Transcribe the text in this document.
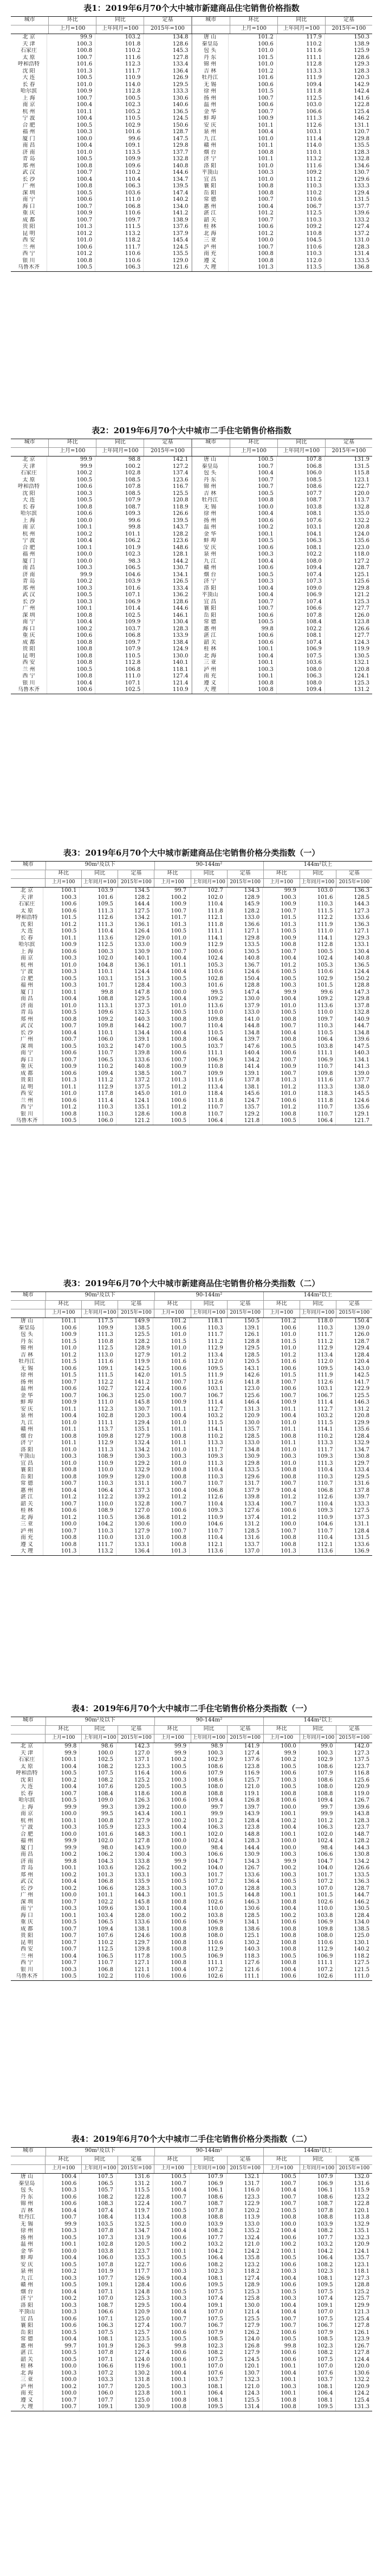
表1：2019年6月70个大中城市新建商品住宅销售价格指数
城市	环比	同比	定基	城市	环比	同比	定基
上月=100	上年同月=100	2015年=100	上月=100	上年同月=100	2015年=100
北 京	99.9	103.2	134.8	唐 山	101.2	117.9	150.3
天 津	100.3	101.8	128.6	秦皇岛	100.6	110.2	138.9
石家庄	100.8	110.2	145.3	包 头	101.0	111.6	125.9
太 原	100.7	111.6	127.8	丹 东	101.5	111.1	128.6
呼和浩特	101.6	112.3	133.4	锦 州	101.0	112.8	129.3
沈 阳	101.3	111.7	136.4	吉 林	101.2	113.3	128.3
大 连	100.5	110.9	126.9	牡丹江	101.6	111.9	120.3
长 春	101.0	114.0	129.5	无 锡	100.6	109.4	142.9
哈尔滨	100.9	112.8	133.3	徐 州	101.5	111.8	142.4
上 海	100.7	100.5	130.6	扬 州	100.7	112.5	141.6
南 京	100.4	102.3	140.6	温 州	100.6	103.0	122.8
杭 州	101.1	105.2	136.5	金 华	100.7	106.6	125.4
宁 波	100.4	110.5	124.5	蚌 埠	100.9	111.3	146.2
合 肥	100.5	102.9	150.6	安 庆	101.1	112.6	131.1
福 州	100.3	101.6	128.7	泉 州	100.4	103.1	120.7
厦 门	100.0	99.6	147.5	九 江	101.0	111.4	129.8
南 昌	100.4	109.1	129.8	赣 州	101.1	114.0	135.5
济 南	101.0	113.5	137.7	烟 台	100.8	110.1	128.3
青 岛	100.5	109.9	132.8	济 宁	101.1	113.2	132.8
郑 州	100.8	109.6	140.8	洛 阳	101.0	111.6	134.6
武 汉	100.7	110.2	144.6	平顶山	100.3	109.2	130.7
长 沙	100.4	110.4	134.7	宜 昌	101.0	111.2	129.6
广 州	100.8	106.3	139.5	襄 阳	100.8	110.3	133.3
深 圳	100.5	103.6	147.4	岳 阳	100.8	110.2	129.4
南 宁	100.6	111.0	140.2	常 德	100.7	110.6	131.5
海 口	100.7	106.8	134.0	惠 州	100.4	106.7	137.7
重 庆	100.9	110.6	141.2	湛 江	101.2	112.5	139.6
成 都	100.7	109.7	138.9	韶 关	100.7	110.3	133.2
贵 阳	101.3	111.5	137.6	桂 林	100.6	109.2	127.4
昆 明	101.2	113.2	137.9	北 海	101.2	110.8	137.2
西 安	101.0	118.2	145.4	三 亚	100.0	104.5	131.0
兰 州	100.6	111.7	124.5	泸 州	100.7	110.6	128.3
西 宁	101.2	110.6	135.5	南 充	100.8	110.3	131.4
银 川	100.8	110.6	129.0	遵 义	100.8	112.0	133.5
乌鲁木齐	100.5	106.3	121.6	大 理	101.3	113.5	136.8
表2：2019年6月70个大中城市二手住宅销售价格指数
城市	环比	同比	定基	城市	环比	同比	定基
上月=100	上年同月=100	2015年=100	上月=100	上年同月=100	2015年=100
北 京	99.9	98.8	142.1	唐 山	100.5	107.8	131.9
天 津	99.9	100.2	127.2	秦皇岛	100.7	106.8	131.5
石家庄	100.2	102.8	137.4	包 头	100.4	106.0	115.8
太 原	100.5	108.5	123.6	丹 东	100.7	108.5	123.1
呼和浩特	100.6	107.8	116.7	锦 州	100.7	108.6	122.7
沈 阳	100.3	108.5	125.5	吉 林	100.5	107.7	120.0
大 连	100.5	107.9	120.8	牡丹江	100.8	108.7	113.7
长 春	100.8	108.7	118.9	无 锡	100.0	103.8	132.8
哈尔滨	100.6	109.3	126.6	徐 州	100.4	108.1	135.0
上 海	100.0	99.6	139.5	扬 州	100.6	107.6	132.2
南 京	100.1	99.8	143.7	温 州	100.2	103.1	120.8
杭 州	100.2	101.1	128.2	金 华	100.1	104.1	124.0
宁 波	100.4	106.2	123.6	蚌 埠	100.5	106.3	135.6
合 肥	100.1	101.9	148.6	安 庆	100.6	108.1	123.0
福 州	100.0	102.3	128.1	泉 州	100.3	102.2	118.0
厦 门	100.0	98.3	144.2	九 江	100.4	108.0	127.2
南 昌	100.3	106.5	130.7	赣 州	100.6	109.4	128.7
济 南	99.9	104.6	134.1	烟 台	100.5	107.4	125.1
青 岛	100.2	103.9	126.5	济 宁	100.3	107.3	125.6
郑 州	100.3	101.6	133.4	洛 阳	100.4	109.0	129.8
武 汉	100.5	107.1	136.2	平顶山	100.4	106.9	121.2
长 沙	100.3	106.9	128.6	宜 昌	100.7	107.4	125.3
广 州	100.1	101.4	144.6	襄 阳	100.7	106.6	127.7
深 圳	100.8	102.5	146.1	岳 阳	100.6	107.8	126.0
南 宁	100.4	109.9	130.4	常 德	100.5	108.4	123.8
海 口	100.2	103.7	128.3	惠 州	99.8	102.2	126.6
重 庆	100.6	106.8	133.9	湛 江	100.6	108.1	127.7
成 都	100.8	109.7	138.4	韶 关	100.6	107.4	124.3
贵 阳	100.8	107.9	124.9	桂 林	100.1	106.9	119.9
昆 明	100.8	110.5	130.0	北 海	100.4	107.5	130.5
西 安	100.8	112.8	140.1	三 亚	100.1	103.6	132.1
兰 州	100.5	106.8	118.1	泸 州	100.3	108.0	120.8
西 宁	100.8	111.0	127.4	南 充	100.1	106.3	124.1
银 川	100.4	107.1	121.4	遵 义	100.8	108.0	125.3
乌鲁木齐	100.6	102.5	110.9	大 理	100.8	109.4	131.2
表3：2019年6月70个大中城市新建商品住宅销售价格分类指数（一）
城市	90m²及以下	90-144m²	144m²以上
环比	同比	定基	环比	同比	定基	环比	同比	定基
上月=100	上年同月=100 2015年=100	上月=100	上年同月=100 2015年=100	上月=100	上年同月=100 2015年=100
北 京	100.1	103.9	134.5	99.7	102.7	134.3	99.9	103.0	136.3
天 津	100.3	101.6	128.2	100.2	102.0	128.9	100.3	101.6	128.5
石家庄	100.6	109.5	144.4	100.9	110.4	145.9	100.9	110.3	144.3
太 原	100.6	111.3	127.5	100.7	111.8	128.2	100.7	111.5	127.3
呼和浩特	101.5	112.6	134.2	101.7	112.1	133.0	101.5	112.2	133.6
沈 阳	101.2	111.3	136.1	101.3	111.8	136.6	101.3	111.9	136.3
大 连	100.5	110.4	126.4	100.5	111.1	127.1	100.5	111.0	127.1
长 春	101.1	113.6	129.0	101.0	114.1	129.8	100.9	114.1	129.3
哈尔滨	100.9	112.5	133.0	100.9	112.9	133.5	100.8	112.8	133.1
上 海	100.6	100.3	130.9	100.7	100.6	130.5	100.7	100.5	130.4
南 京	100.3	102.0	140.1	100.4	102.4	140.8	100.4	102.4	140.8
杭 州	101.0	104.8	136.1	101.1	105.3	136.7	101.2	105.3	136.5
宁 波	100.3	110.1	124.4	100.4	110.6	124.6	100.5	110.6	124.4
合 肥	100.5	103.1	151.3	100.5	102.8	150.4	100.5	102.9	150.2
福 州	100.3	101.7	128.4	100.3	101.6	128.8	100.3	101.5	128.8
厦 门	100.1	99.8	147.8	100.0	99.5	147.4	99.9	99.6	147.3
南 昌	100.4	108.8	129.5	100.4	109.2	130.0	100.4	109.2	129.8
济 南	101.0	113.1	137.3	101.0	113.6	137.9	101.0	113.6	137.8
青 岛	100.5	109.6	132.5	100.5	110.0	133.0	100.5	110.0	132.8
郑 州	100.8	109.2	140.3	100.8	109.8	141.0	100.8	109.7	140.9
武 汉	100.7	109.8	144.2	100.7	110.4	144.8	100.7	110.3	144.7
长 沙	100.4	110.1	134.4	100.4	110.5	134.8	100.4	110.5	134.8
广 州	100.7	106.0	139.1	100.8	106.4	139.7	100.8	106.4	139.6
深 圳	100.5	103.2	147.0	100.5	103.7	147.6	100.5	103.8	147.5
南 宁	100.6	110.7	139.8	100.6	111.1	140.4	100.6	111.1	140.3
海 口	100.7	106.5	133.6	100.7	106.9	134.2	100.7	106.9	134.1
重 庆	100.9	110.2	140.8	100.9	110.8	141.4	100.9	110.7	141.3
成 都	100.6	109.4	138.5	100.7	109.9	139.1	100.7	109.8	139.0
贵 阳	101.3	111.2	137.2	101.3	111.6	137.8	101.3	111.6	137.7
昆 明	101.1	112.9	137.5	101.2	113.4	138.1	101.2	113.3	138.0
西 安	101.0	117.8	145.0	101.0	118.4	145.6	101.0	118.3	145.5
兰 州	100.6	111.4	124.1	100.6	111.8	124.7	100.6	111.8	124.6
西 宁	101.2	110.3	135.1	101.2	110.7	135.7	101.2	110.7	135.6
银 川	100.8	110.3	128.6	100.8	110.7	129.2	100.8	110.7	129.1
乌鲁木齐	100.5	106.0	121.2	100.5	106.4	121.8	100.5	106.4	121.7
表3：2019年6月70个大中城市新建商品住宅销售价格分类指数（二）
城市	90m²及以下	90-144m²	144m²以上
环比	同比	定基	环比	同比	定基	环比	同比	定基
上月=100	上年同月=100 2015年=100	上月=100	上年同月=100 2015年=100	上月=100	上年同月=100 2015年=100
唐 山	101.1	117.5	149.9	101.2	118.1	150.5	101.2	118.0	150.4
秦皇岛	100.6	109.9	138.5	100.6	110.3	139.1	100.6	110.3	139.0
包 头	100.9	111.3	125.5	101.0	111.7	126.1	101.0	111.7	126.0
丹 东	101.5	110.8	128.2	101.5	111.2	128.8	101.5	111.2	128.7
锦 州	101.0	112.5	128.9	101.0	112.9	129.5	101.0	112.9	129.4
吉 林	101.2	113.0	127.9	101.2	113.4	128.5	101.2	113.4	128.4
牡丹江	101.5	111.6	119.9	101.6	112.0	120.5	101.6	112.0	120.4
无 锡	100.6	109.1	142.5	100.6	109.5	143.1	100.6	109.5	143.0
徐 州	101.5	111.5	142.0	101.5	111.9	142.6	101.5	111.9	142.5
扬 州	100.7	112.2	141.2	100.7	112.6	141.8	100.7	112.6	141.7
温 州	100.6	102.7	122.4	100.6	103.1	123.0	100.6	103.1	122.9
金 华	100.7	106.3	125.0	100.7	106.7	125.6	100.7	106.7	125.5
蚌 埠	100.9	111.0	145.8	100.9	111.4	146.4	100.9	111.4	146.3
安 庆	101.1	112.3	130.7	101.1	112.7	131.3	101.1	112.7	131.2
泉 州	100.4	102.8	120.3	100.4	103.2	120.9	100.4	103.2	120.8
九 江	101.0	111.1	129.4	101.0	111.5	130.0	101.0	111.5	129.9
赣 州	101.1	113.7	135.1	101.1	114.1	135.7	101.1	114.1	135.6
烟 台	100.8	109.8	127.9	100.8	110.2	128.5	100.8	110.2	128.4
济 宁	101.1	112.9	132.4	101.1	113.3	133.0	101.1	113.3	132.9
洛 阳	101.0	111.3	134.2	101.0	111.7	134.8	101.0	111.7	134.7
平顶山	100.3	108.9	130.3	100.3	109.3	130.9	100.3	109.3	130.8
宜 昌	101.0	110.9	129.2	101.0	111.3	129.8	101.0	111.3	129.7
襄 阳	100.8	110.0	132.9	100.8	110.4	133.5	100.8	110.4	133.4
岳 阳	100.8	109.9	129.0	100.8	110.3	129.6	100.8	110.3	129.5
常 德	100.7	110.3	131.1	100.7	110.7	131.7	100.7	110.7	131.6
惠 州	100.4	106.4	137.3	100.4	106.8	137.9	100.4	106.8	137.8
湛 江	101.2	112.2	139.2	101.2	112.6	139.8	101.2	112.6	139.7
韶 关	100.7	110.0	132.8	100.7	110.4	133.4	100.7	110.4	133.3
桂 林	100.6	108.9	127.0	100.6	109.3	127.6	100.6	109.3	127.5
北 海	101.2	110.5	136.8	101.2	110.9	137.4	101.2	110.9	137.3
三 亚	100.0	104.2	130.6	100.0	104.6	131.2	100.0	104.6	131.1
泸 州	100.7	110.3	127.9	100.7	110.7	128.5	100.7	110.7	128.4
南 充	100.8	110.0	131.0	100.8	110.4	131.6	100.8	110.4	131.5
遵 义	100.8	111.7	133.1	100.8	112.1	133.7	100.8	112.1	133.6
大 理	101.3	113.2	136.4	101.3	113.6	137.0	101.3	113.6	136.9
表4：2019年6月70个大中城市二手住宅销售价格分类指数（一）
城市	90m²及以下	90-144m²	144m²以上
环比	同比	定基	环比	同比	定基	环比	同比	定基
上月=100	上年同月=100 2015年=100	上月=100	上年同月=100 2015年=100	上月=100	上年同月=100 2015年=100
北 京	99.8	98.6	142.3	99.9	98.9	141.9	100.0	99.0	142.0
天 津	99.9	100.0	127.0	99.9	100.3	127.4	99.9	100.3	127.3
石家庄	100.1	102.5	137.1	100.2	102.9	137.6	100.2	102.9	137.5
太 原	100.4	108.2	123.3	100.5	108.6	123.8	100.5	108.6	123.7
呼和浩特	100.5	107.5	116.4	100.6	107.9	116.9	100.6	107.9	116.8
沈 阳	100.2	108.2	125.2	100.3	108.6	125.7	100.3	108.6	125.6
大 连	100.4	107.6	120.5	100.5	108.0	121.0	100.5	108.0	120.9
长 春	100.7	108.4	118.6	100.8	108.8	119.1	100.8	108.8	119.0
哈尔滨	100.5	109.0	126.3	100.6	109.4	126.8	100.6	109.4	126.7
上 海	99.9	99.3	139.2	100.0	99.7	139.7	100.0	99.7	139.6
南 京	100.0	99.5	143.4	100.1	99.9	143.9	100.1	99.9	143.8
杭 州	100.1	100.8	127.9	100.2	101.2	128.4	100.2	101.2	128.3
宁 波	100.3	105.9	123.3	100.4	106.3	123.8	100.4	106.3	123.7
合 肥	100.0	101.6	148.3	100.1	102.0	148.8	100.1	102.0	148.7
福 州	99.9	102.0	127.8	100.0	102.4	128.3	100.0	102.4	128.2
厦 门	99.9	98.0	143.9	100.0	98.4	144.4	100.0	98.4	144.3
南 昌	100.2	106.2	130.4	100.3	106.6	130.9	100.3	106.6	130.8
济 南	99.8	104.3	133.8	99.9	104.7	134.3	99.9	104.7	134.2
青 岛	100.1	103.6	126.2	100.2	104.0	126.7	100.2	104.0	126.6
郑 州	100.2	101.3	133.1	100.3	101.7	133.6	100.3	101.7	133.5
武 汉	100.4	106.8	135.9	100.5	107.2	136.4	100.5	107.2	136.3
长 沙	100.2	106.6	128.3	100.3	107.0	128.8	100.3	107.0	128.7
广 州	100.0	101.1	144.3	100.1	101.5	144.8	100.1	101.5	144.7
深 圳	100.7	102.2	145.8	100.8	102.6	146.3	100.8	102.6	146.2
南 宁	100.3	109.6	130.1	100.4	110.0	130.6	100.4	110.0	130.5
海 口	100.1	103.4	128.0	100.2	103.8	128.5	100.2	103.8	128.4
重 庆	100.5	106.5	133.6	100.6	106.9	134.1	100.6	106.9	134.0
成 都	100.7	109.4	138.1	100.8	109.8	138.6	100.8	109.8	138.5
贵 阳	100.7	107.6	124.6	100.8	108.0	125.1	100.8	108.0	125.0
昆 明	100.7	110.2	129.7	100.8	110.6	130.2	100.8	110.6	130.1
西 安	100.7	112.5	139.8	100.8	112.9	140.3	100.8	112.9	140.2
兰 州	100.4	106.5	117.8	100.5	106.9	118.3	100.5	106.9	118.2
西 宁	100.7	110.7	127.1	100.8	111.1	127.6	100.8	111.1	127.5
银 川	100.3	106.8	121.1	100.4	107.2	121.6	100.4	107.2	121.5
乌鲁木齐	100.5	102.2	110.6	100.6	102.6	111.1	100.6	102.6	111.0
表4：2019年6月70个大中城市二手住宅销售价格分类指数（二）
城市	90m²及以下	90-144m²	144m²以上
环比	同比	定基	环比	同比	定基	环比	同比	定基
上月=100	上年同月=100 2015年=100	上月=100	上年同月=100 2015年=100	上月=100	上年同月=100 2015年=100
唐 山	100.4	107.5	131.6	100.5	107.9	132.1	100.5	107.9	132.0
秦皇岛	100.6	106.5	131.2	100.7	106.9	131.7	100.7	106.9	131.6
包 头	100.3	105.7	115.5	100.4	106.1	116.0	100.4	106.1	115.9
丹 东	100.6	108.2	122.8	100.7	108.6	123.3	100.7	108.6	123.2
锦 州	100.6	108.3	122.4	100.7	108.7	122.9	100.7	108.7	122.8
吉 林	100.4	107.4	119.7	100.5	107.8	120.2	100.5	107.8	120.1
牡丹江	100.7	108.4	113.4	100.8	108.8	113.9	100.8	108.8	113.8
无 锡	99.9	103.5	132.5	100.0	103.9	133.0	100.0	103.9	132.9
徐 州	100.3	107.8	134.7	100.4	108.2	135.2	100.4	108.2	135.1
扬 州	100.5	107.3	131.9	100.6	107.7	132.4	100.6	107.7	132.3
温 州	100.1	102.8	120.5	100.2	103.2	121.0	100.2	103.2	120.9
金 华	100.0	103.8	123.7	100.1	104.2	124.2	100.1	104.2	124.1
蚌 埠	100.4	106.0	135.3	100.5	106.4	135.8	100.5	106.4	135.7
安 庆	100.5	107.8	122.7	100.6	108.2	123.2	100.6	108.2	123.1
泉 州	100.2	101.9	117.7	100.3	102.3	118.2	100.3	102.3	118.1
九 江	100.3	107.7	126.9	100.4	108.1	127.4	100.4	108.1	127.3
赣 州	100.5	109.1	128.4	100.6	109.5	128.9	100.6	109.5	128.8
烟 台	100.4	107.1	124.8	100.5	107.5	125.3	100.5	107.5	125.2
济 宁	100.2	107.0	125.3	100.3	107.4	125.8	100.3	107.4	125.7
洛 阳	100.3	108.7	129.5	100.4	109.1	130.0	100.4	109.1	129.9
平顶山	100.3	106.6	120.9	100.4	107.0	121.4	100.4	107.0	121.3
宜 昌	100.6	107.1	125.0	100.7	107.5	125.5	100.7	107.5	125.4
襄 阳	100.6	106.3	127.4	100.7	106.7	127.9	100.7	106.7	127.8
岳 阳	100.5	107.5	125.7	100.6	107.9	126.2	100.6	107.9	126.1
常 德	100.4	108.1	123.5	100.5	108.5	124.0	100.5	108.5	123.9
惠 州	99.7	101.9	126.3	99.8	102.3	126.8	99.8	102.3	126.7
湛 江	100.5	107.8	127.4	100.6	108.2	127.9	100.6	108.2	127.8
韶 关	100.5	107.1	124.0	100.6	107.5	124.5	100.6	107.5	124.4
桂 林	100.0	106.6	119.6	100.1	107.0	120.1	100.1	107.0	120.0
北 海	100.3	107.2	130.2	100.4	107.6	130.7	100.4	107.6	130.6
三 亚	100.0	103.3	131.8	100.1	103.7	132.3	100.1	103.7	132.2
泸 州	100.2	107.7	120.5	100.3	108.1	121.0	100.3	108.1	120.9
南 充	100.0	106.0	123.8	100.1	106.4	124.3	100.1	106.4	124.2
遵 义	100.7	107.7	125.0	100.8	108.1	125.5	100.8	108.1	125.4
大 理	100.7	109.1	130.9	100.8	109.5	131.4	100.8	109.5	131.3
